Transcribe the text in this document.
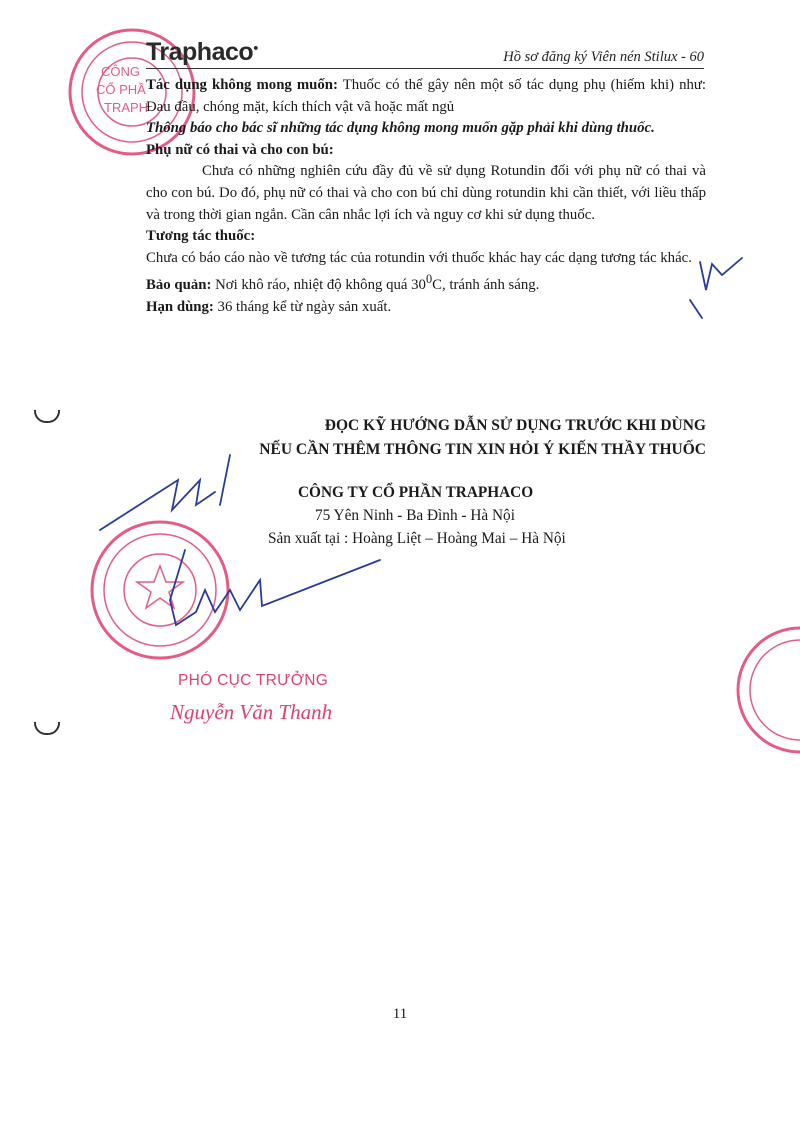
CÔNG
CỔ PHẦ
TRAPH
Traphaco●
Hồ sơ đăng ký Viên nén Stilux - 60

Tác dụng không mong muốn: Thuốc có thể gây nên một số tác dụng phụ (hiếm khi) như: Đau đầu, chóng mặt, kích thích vật vã hoặc mất ngủ

Thông báo cho bác sĩ những tác dụng không mong muốn gặp phải khi dùng thuốc.

Phụ nữ có thai và cho con bú:

Chưa có những nghiên cứu đầy đủ về sử dụng Rotundin đối với phụ nữ có thai và cho con bú. Do đó, phụ nữ có thai và cho con bú chỉ dùng rotundin khi cần thiết, với liều thấp và trong thời gian ngắn. Cần cân nhắc lợi ích và nguy cơ khi sử dụng thuốc.

Tương tác thuốc:

Chưa có báo cáo nào về tương tác của rotundin với thuốc khác hay các dạng tương tác khác.

Bảo quản: Nơi khô ráo, nhiệt độ không quá $30^0C$, tránh ánh sáng.

Hạn dùng: 36 tháng kể từ ngày sản xuất.

ĐỌC KỸ HƯỚNG DẪN SỬ DỤNG TRƯỚC KHI DÙNG
NẾU CẦN THÊM THÔNG TIN XIN HỎI Ý KIẾN THẦY THUỐC
CÔNG TY CỔ PHẦN TRAPHACO
75 Yên Ninh - Ba Đình - Hà Nội
Sản xuất tại : Hoàng Liệt – Hoàng Mai – Hà Nội
PHÓ CỤC TRƯỞNG
Nguyễn Văn Thanh
11
